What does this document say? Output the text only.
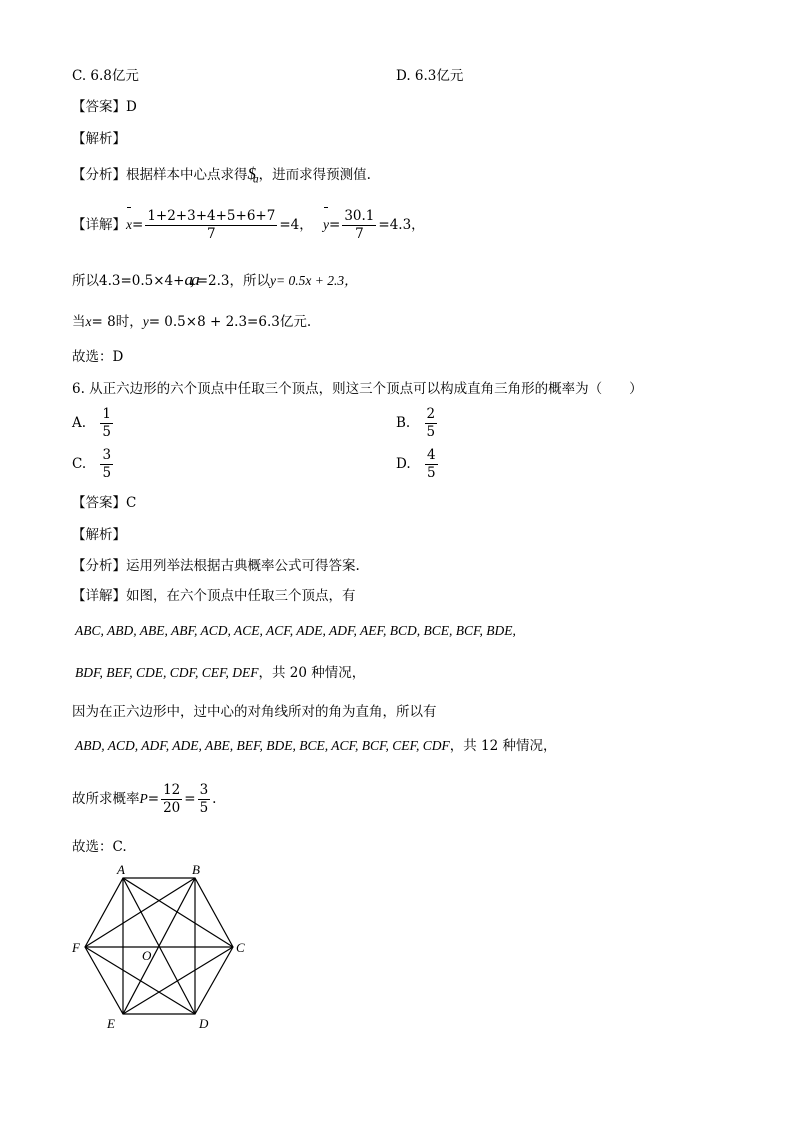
C. 6.8亿元	D. 6.3亿元
【答案】D
【解析】
【分析】根据样本中心点求得$\$_a$，进而求得预测值.
【详解】$x= \frac{1+2+3+4+5+6+7}{7} =4$， $y= \frac{30.1}{7} =4.3$，
所以4.3=0.5×4+a,a=2.3，所以y= 0.5x + 2.3，
当x= 8时，y= 0.5×8 + 2.3=6.3亿元.
故选：D
6. 从正六边形的六个顶点中任取三个顶点，则这三个顶点可以构成直角三角形的概率为（　　）
A. $\frac{1}{5}$	B. $\frac{2}{5}$
C. $\frac{3}{5}$	D. $\frac{4}{5}$
【答案】C
【解析】
【分析】运用列举法根据古典概率公式可得答案.
【详解】如图，在六个顶点中任取三个顶点，有
ABC, ABD, ABE, ABF, ACD, ACE, ACF, ADE, ADF, AEF, BCD, BCE, BCF, BDE,
BDF, BEF, CDE, CDF, CEF, DEF，共 20 种情况，
因为在正六边形中，过中心的对角线所对的角为直角，所以有
ABD, ACD, ADF, ADE, ABE, BEF, BDE, BCE, ACF, BCF, CEF, CDF，共 12 种情况，
故所求概率$P= \frac{12}{20} = \frac{3}{5}$ .
故选：C.
A	B
C
D
E
F
O
